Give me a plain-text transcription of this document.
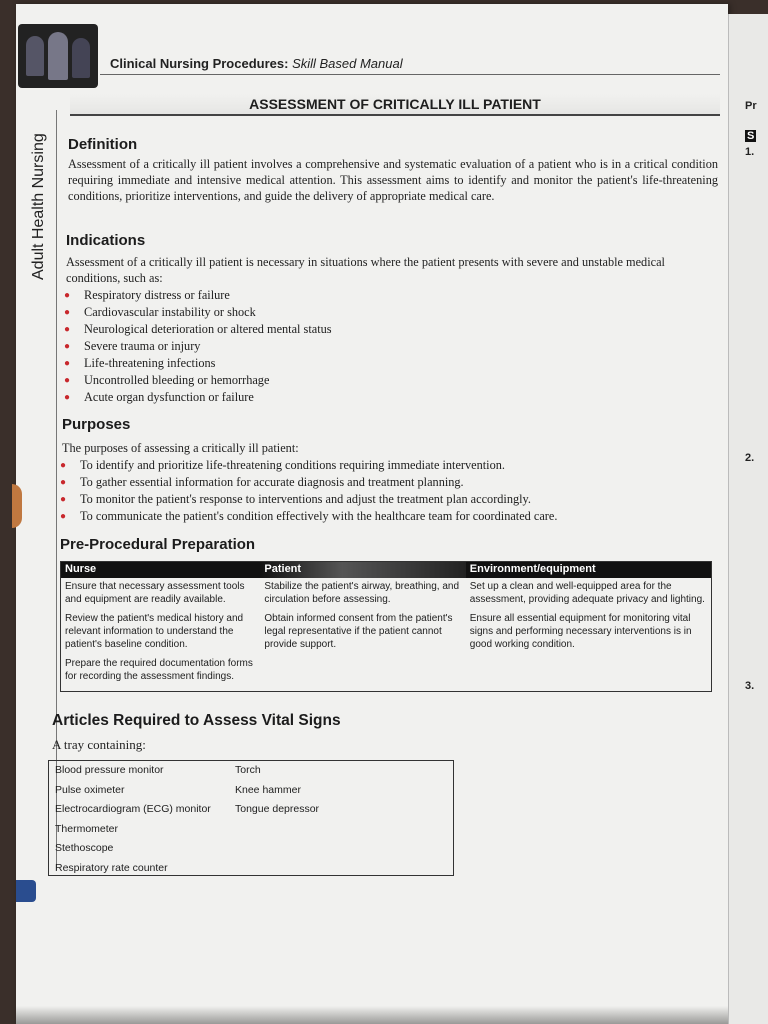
Pr
S
1.
2.
3.
Clinical Nursing Procedures: Skill Based Manual
Adult Health Nursing
ASSESSMENT OF CRITICALLY ILL PATIENT
Definition
Assessment of a critically ill patient involves a comprehensive and systematic evaluation of a patient who is in a critical condition requiring immediate and intensive medical attention. This assessment aims to identify and monitor the patient's life-threatening conditions, prioritize interventions, and guide the delivery of appropriate medical care.
Indications
Assessment of a critically ill patient is necessary in situations where the patient presents with severe and unstable medical conditions, such as:
● Respiratory distress or failure
● Cardiovascular instability or shock
● Neurological deterioration or altered mental status
● Severe trauma or injury
● Life-threatening infections
● Uncontrolled bleeding or hemorrhage
● Acute organ dysfunction or failure
Purposes
The purposes of assessing a critically ill patient:
● To identify and prioritize life-threatening conditions requiring immediate intervention.
● To gather essential information for accurate diagnosis and treatment planning.
● To monitor the patient's response to interventions and adjust the treatment plan accordingly.
● To communicate the patient's condition effectively with the healthcare team for coordinated care.
Pre-Procedural Preparation
Nurse	Patient	Environment/equipment

Ensure that necessary assessment tools and equipment are readily available.

Review the patient's medical history and relevant information to understand the patient's baseline condition.

Prepare the required documentation forms for recording the assessment findings.

Stabilize the patient's airway, breathing, and circulation before assessing.

Obtain informed consent from the patient's legal representative if the patient cannot provide support.

Set up a clean and well-equipped area for the assessment, providing adequate privacy and lighting.

Ensure all essential equipment for monitoring vital signs and performing necessary interventions is in good working condition.

Articles Required to Assess Vital Signs
A tray containing:
Blood pressure monitor
Pulse oximeter
Electrocardiogram (ECG) monitor
Thermometer
Stethoscope
Respiratory rate counter
Torch
Knee hammer
Tongue depressor
